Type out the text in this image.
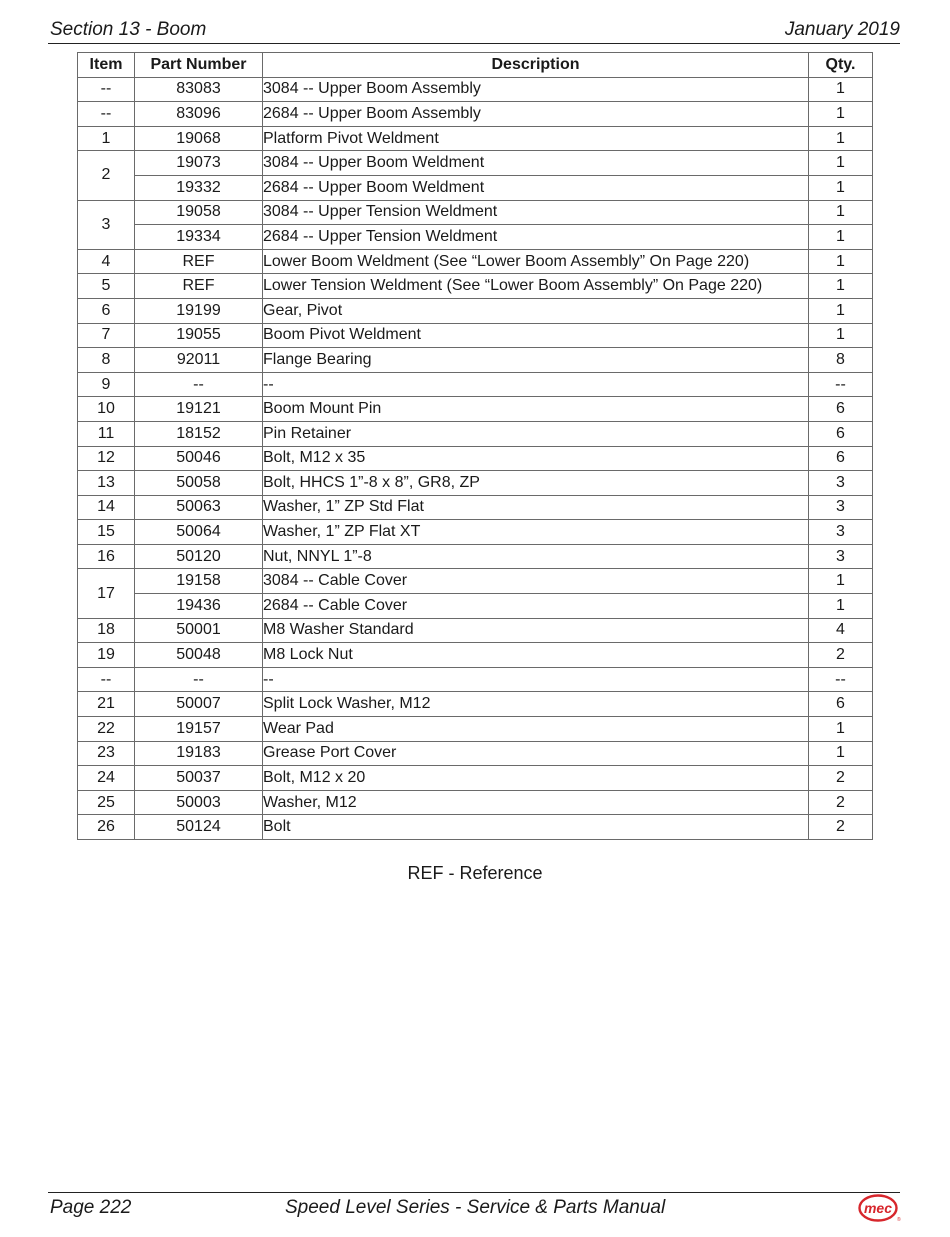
Section 13 - Boom	January 2019
Item	Part Number	Description	Qty.
--	83083	3084 -- Upper Boom Assembly	1
--	83096	2684 -- Upper Boom Assembly	1
1	19068	Platform Pivot Weldment	1
2	19073	3084 -- Upper Boom Weldment	1
	19332	2684 -- Upper Boom Weldment	1
3	19058	3084 -- Upper Tension Weldment	1
	19334	2684 -- Upper Tension Weldment	1
4	REF	Lower Boom Weldment (See “Lower Boom Assembly” On Page 220)	1
5	REF	Lower Tension Weldment (See “Lower Boom Assembly” On Page 220)	1
6	19199	Gear, Pivot	1
7	19055	Boom Pivot Weldment	1
8	92011	Flange Bearing	8
9	--	--	--
10	19121	Boom Mount Pin	6
11	18152	Pin Retainer	6
12	50046	Bolt, M12 x 35	6
13	50058	Bolt, HHCS 1”-8 x 8”, GR8, ZP	3
14	50063	Washer, 1” ZP Std Flat	3
15	50064	Washer, 1” ZP Flat XT	3
16	50120	Nut, NNYL 1”-8	3
17	19158	3084 -- Cable Cover	1
	19436	2684 -- Cable Cover	1
18	50001	M8 Washer Standard	4
19	50048	M8 Lock Nut	2
--	--	--	--
21	50007	Split Lock Washer, M12	6
22	19157	Wear Pad	1
23	19183	Grease Port Cover	1
24	50037	Bolt, M12 x 20	2
25	50003	Washer, M12	2
26	50124	Bolt	2
REF - Reference
Page 222	Speed Level Series - Service & Parts Manual	mec
®
